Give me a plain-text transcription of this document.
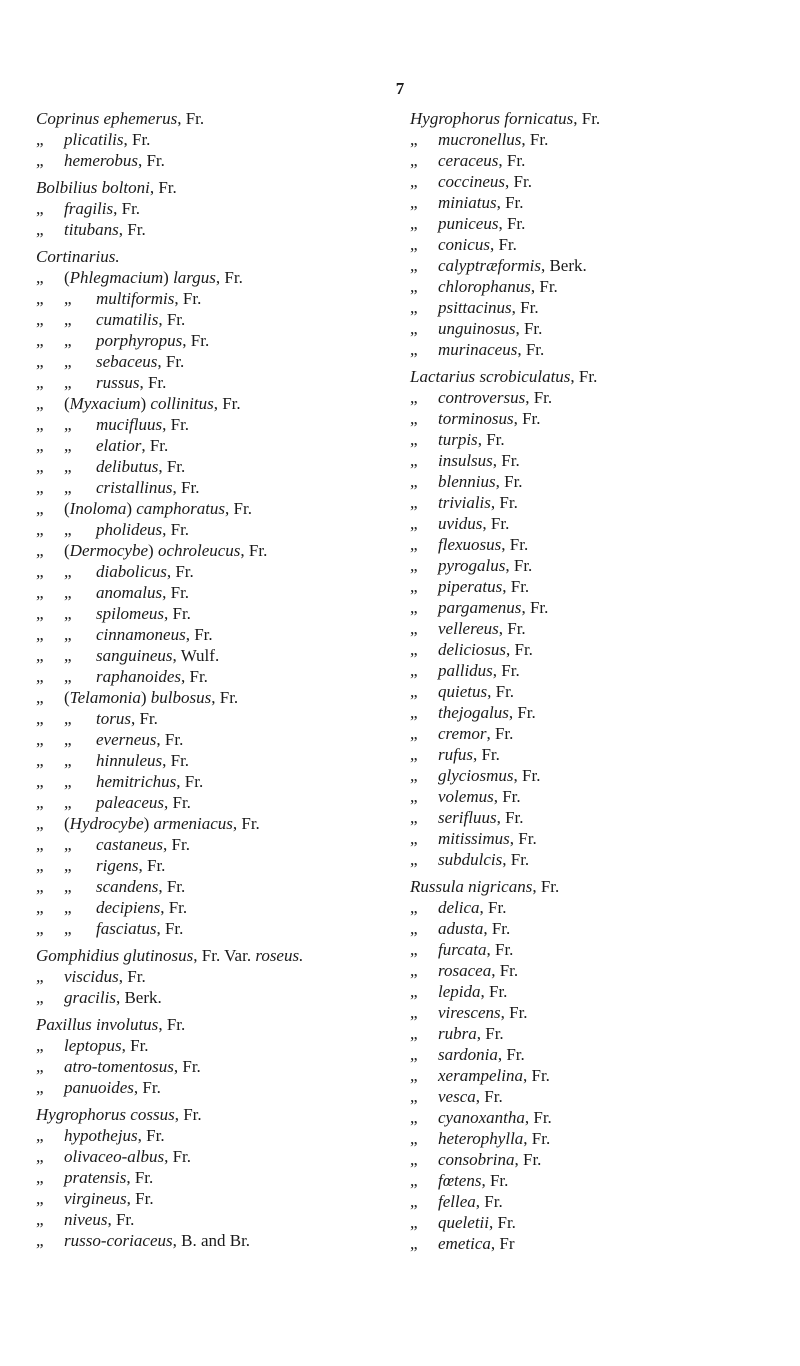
7
Coprinus ephemerus, Fr.
„ plicatilis, Fr.
„ hemerobus, Fr.
Bolbilius boltoni, Fr.
„ fragilis, Fr.
„ titubans, Fr.
Cortinarius.
„ (Phlegmacium) largus, Fr.
„ „ multiformis, Fr.
„ „ cumatilis, Fr.
„ „ porphyropus, Fr.
„ „ sebaceus, Fr.
„ „ russus, Fr.
„ (Myxacium) collinitus, Fr.
„ „ mucifluus, Fr.
„ „ elatior, Fr.
„ „ delibutus, Fr.
„ „ cristallinus, Fr.
„ (Inoloma) camphoratus, Fr.
„ „ pholideus, Fr.
„ (Dermocybe) ochroleucus, Fr.
„ „ diabolicus, Fr.
„ „ anomalus, Fr.
„ „ spilomeus, Fr.
„ „ cinnamoneus, Fr.
„ „ sanguineus, Wulf.
„ „ raphanoides, Fr.
„ (Telamonia) bulbosus, Fr.
„ „ torus, Fr.
„ „ everneus, Fr.
„ „ hinnuleus, Fr.
„ „ hemitrichus, Fr.
„ „ paleaceus, Fr.
„ (Hydrocybe) armeniacus, Fr.
„ „ castaneus, Fr.
„ „ rigens, Fr.
„ „ scandens, Fr.
„ „ decipiens, Fr.
„ „ fasciatus, Fr.
Gomphidius glutinosus, Fr. Var. roseus.
„ viscidus, Fr.
„ gracilis, Berk.
Paxillus involutus, Fr.
„ leptopus, Fr.
„ atro-tomentosus, Fr.
„ panuoides, Fr.
Hygrophorus cossus, Fr.
„ hypothejus, Fr.
„ olivaceo-albus, Fr.
„ pratensis, Fr.
„ virgineus, Fr.
„ niveus, Fr.
„ russo-coriaceus, B. and Br.
Hygrophorus fornicatus, Fr.
„ mucronellus, Fr.
„ ceraceus, Fr.
„ coccineus, Fr.
„ miniatus, Fr.
„ puniceus, Fr.
„ conicus, Fr.
„ calyptræformis, Berk.
„ chlorophanus, Fr.
„ psittacinus, Fr.
„ unguinosus, Fr.
„ murinaceus, Fr.
Lactarius scrobiculatus, Fr.
„ controversus, Fr.
„ torminosus, Fr.
„ turpis, Fr.
„ insulsus, Fr.
„ blennius, Fr.
„ trivialis, Fr.
„ uvidus, Fr.
„ flexuosus, Fr.
„ pyrogalus, Fr.
„ piperatus, Fr.
„ pargamenus, Fr.
„ vellereus, Fr.
„ deliciosus, Fr.
„ pallidus, Fr.
„ quietus, Fr.
„ thejogalus, Fr.
„ cremor, Fr.
„ rufus, Fr.
„ glyciosmus, Fr.
„ volemus, Fr.
„ serifluus, Fr.
„ mitissimus, Fr.
„ subdulcis, Fr.
Russula nigricans, Fr.
„ delica, Fr.
„ adusta, Fr.
„ furcata, Fr.
„ rosacea, Fr.
„ lepida, Fr.
„ virescens, Fr.
„ rubra, Fr.
„ sardonia, Fr.
„ xerampelina, Fr.
„ vesca, Fr.
„ cyanoxantha, Fr.
„ heterophylla, Fr.
„ consobrina, Fr.
„ fœtens, Fr.
„ fellea, Fr.
„ queletii, Fr.
„ emetica, Fr
